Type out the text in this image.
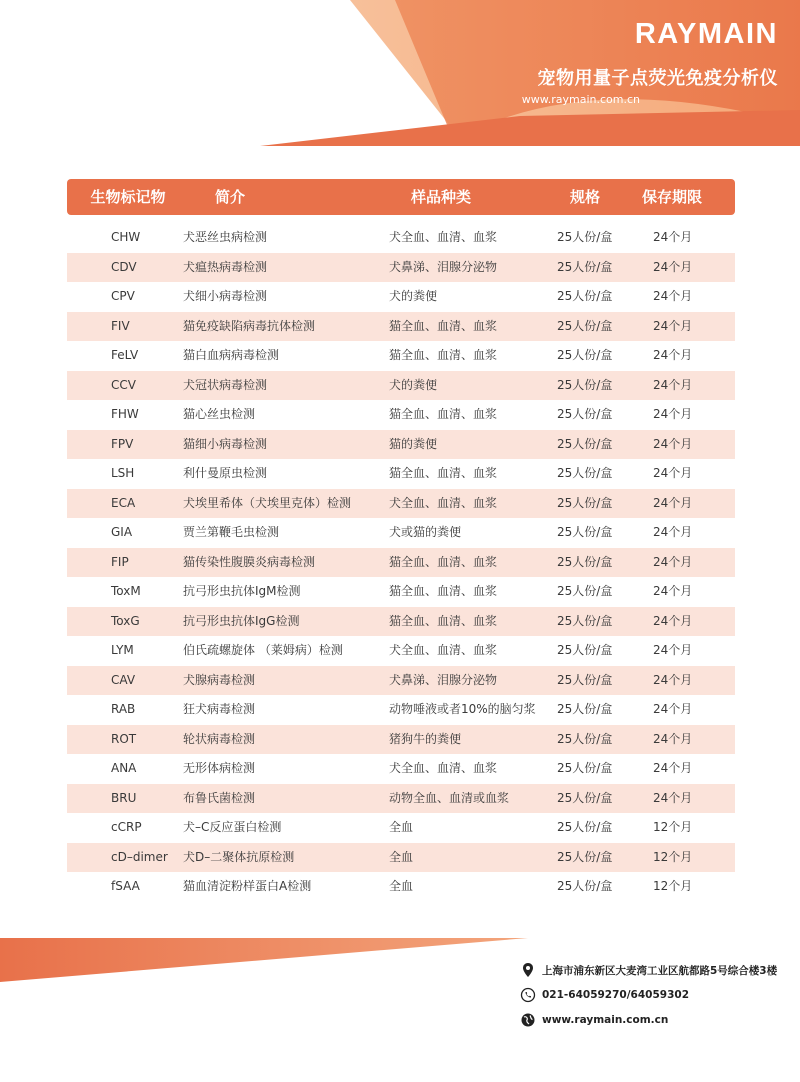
RAYMAIN
宠物用量子点荧光免疫分析仪
www.raymain.com.cn
生物标记物	简介	样品种类	规格	保存期限
CHW	犬恶丝虫病检测	犬全血、血清、血浆	25人份/盒	24个月
CDV	犬瘟热病毒检测	犬鼻涕、泪腺分泌物	25人份/盒	24个月
CPV	犬细小病毒检测	犬的粪便	25人份/盒	24个月
FIV	猫免疫缺陷病毒抗体检测	猫全血、血清、血浆	25人份/盒	24个月
FeLV	猫白血病病毒检测	猫全血、血清、血浆	25人份/盒	24个月
CCV	犬冠状病毒检测	犬的粪便	25人份/盒	24个月
FHW	猫心丝虫检测	猫全血、血清、血浆	25人份/盒	24个月
FPV	猫细小病毒检测	猫的粪便	25人份/盒	24个月
LSH	利什曼原虫检测	猫全血、血清、血浆	25人份/盒	24个月
ECA	犬埃里希体（犬埃里克体）检测	犬全血、血清、血浆	25人份/盒	24个月
GIA	贾兰第鞭毛虫检测	犬或猫的粪便	25人份/盒	24个月
FIP	猫传染性腹膜炎病毒检测	猫全血、血清、血浆	25人份/盒	24个月
ToxM	抗弓形虫抗体IgM检测	猫全血、血清、血浆	25人份/盒	24个月
ToxG	抗弓形虫抗体IgG检测	猫全血、血清、血浆	25人份/盒	24个月
LYM	伯氏疏螺旋体 （莱姆病）检测	犬全血、血清、血浆	25人份/盒	24个月
CAV	犬腺病毒检测	犬鼻涕、泪腺分泌物	25人份/盒	24个月
RAB	狂犬病毒检测	动物唾液或者10%的脑匀浆 25人份/盒	24个月
ROT	轮状病毒检测	猪狗牛的粪便	25人份/盒	24个月
ANA	无形体病检测	犬全血、血清、血浆	25人份/盒	24个月
BRU	布鲁氏菌检测	动物全血、血清或血浆	25人份/盒	24个月
cCRP	犬–C反应蛋白检测	全血	25人份/盒	12个月
cD–dimer 犬D–二聚体抗原检测	全血	25人份/盒	12个月
fSAA	猫血清淀粉样蛋白A检测	全血	25人份/盒	12个月
上海市浦东新区大麦湾工业区航都路5号综合楼3楼
021-64059270/64059302
www.raymain.com.cn
